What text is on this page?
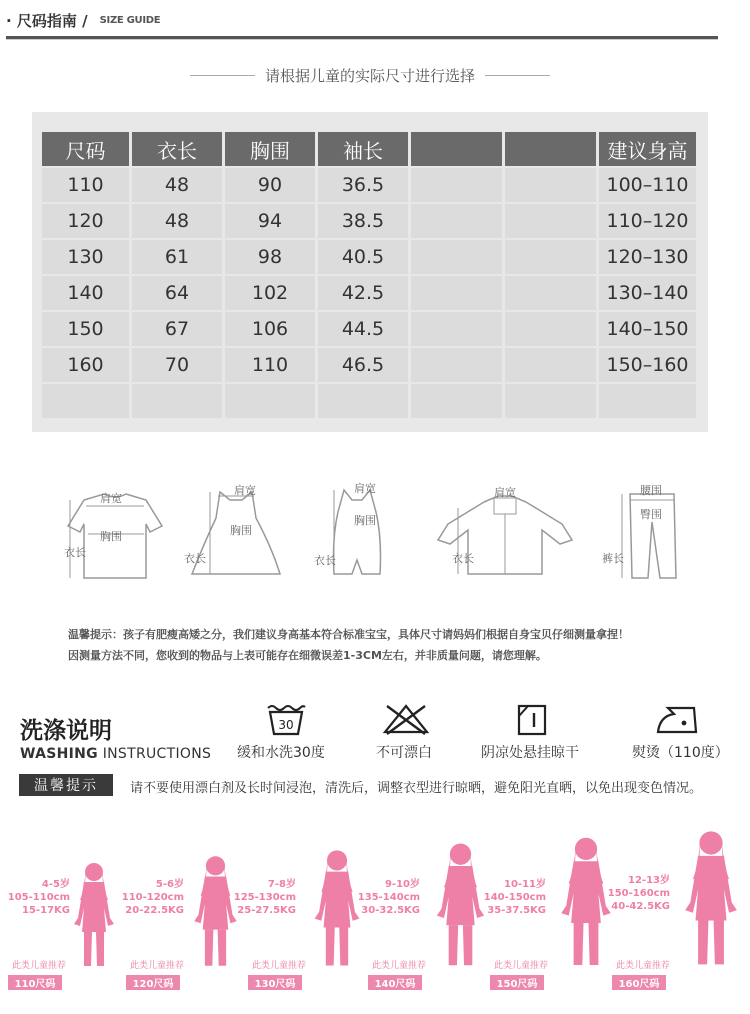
· 尺码指南 / SIZE GUIDE
请根据儿童的实际尺寸进行选择
尺码	衣长	胸围	袖长	建议身高
110	48	90	36.5	100–110
120	48	94	38.5	110–120
130	61	98	40.5	120–130
140	64	102	42.5	130–140
150	67	106	44.5	140–150
160	70	110	46.5	150–160
肩宽
胸围
衣长
肩宽
胸围
衣长
肩宽
胸围
衣长
肩宽
衣长
腰围
臀围
裤长
温馨提示：孩子有肥瘦高矮之分，我们建议身高基本符合标准宝宝，具体尺寸请妈妈们根据自身宝贝仔细测量拿捏！
因测量方法不同，您收到的物品与上表可能存在细微误差1-3CM左右，并非质量问题，请您理解。
洗涤说明
WASHING INSTRUCTIONS
30
缓和水洗30度	不可漂白	阴凉处悬挂晾干	熨烫（110度）
温馨提示	请不要使用漂白剂及长时间浸泡，清洗后，调整衣型进行晾晒，避免阳光直晒，以免出现变色情况。
4-5岁
105-110cm
15-17KG
此类儿童推荐
110尺码
5-6岁
110-120cm
20-22.5KG
此类儿童推荐
120尺码
7-8岁
125-130cm
25-27.5KG
此类儿童推荐
130尺码
9-10岁
135-140cm
30-32.5KG
此类儿童推荐
140尺码
10-11岁
140-150cm
35-37.5KG
此类儿童推荐
150尺码
12-13岁
150-160cm
40-42.5KG
此类儿童推荐
160尺码
